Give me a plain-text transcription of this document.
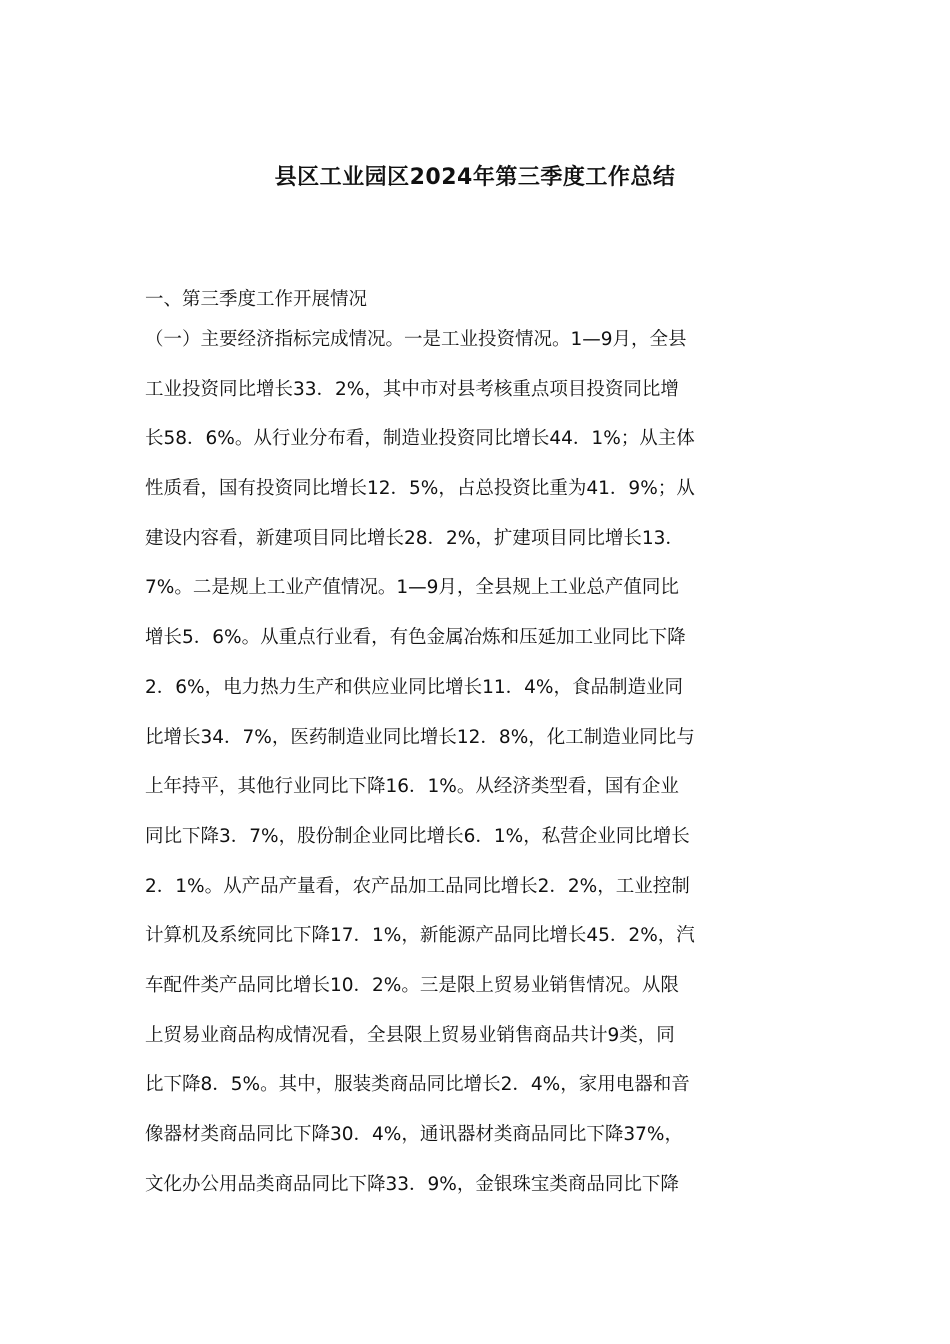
县区工业园区2024年第三季度工作总结
一、第三季度工作开展情况
（一）主要经济指标完成情况。一是工业投资情况。1—9月，全县
工业投资同比增长33．2%，其中市对县考核重点项目投资同比增
长58．6%。从行业分布看，制造业投资同比增长44．1%；从主体
性质看，国有投资同比增长12．5%，占总投资比重为41．9%；从
建设内容看，新建项目同比增长28．2%，扩建项目同比增长13．
7%。二是规上工业产值情况。1—9月，全县规上工业总产值同比
增长5．6%。从重点行业看，有色金属冶炼和压延加工业同比下降
2．6%，电力热力生产和供应业同比增长11．4%，食品制造业同
比增长34．7%，医药制造业同比增长12．8%，化工制造业同比与
上年持平，其他行业同比下降16．1%。从经济类型看，国有企业
同比下降3．7%，股份制企业同比增长6．1%，私营企业同比增长
2．1%。从产品产量看，农产品加工品同比增长2．2%，工业控制
计算机及系统同比下降17．1%，新能源产品同比增长45．2%，汽
车配件类产品同比增长10．2%。三是限上贸易业销售情况。从限
上贸易业商品构成情况看，全县限上贸易业销售商品共计9类，同
比下降8．5%。其中，服装类商品同比增长2．4%，家用电器和音
像器材类商品同比下降30．4%，通讯器材类商品同比下降37%，
文化办公用品类商品同比下降33．9%，金银珠宝类商品同比下降
